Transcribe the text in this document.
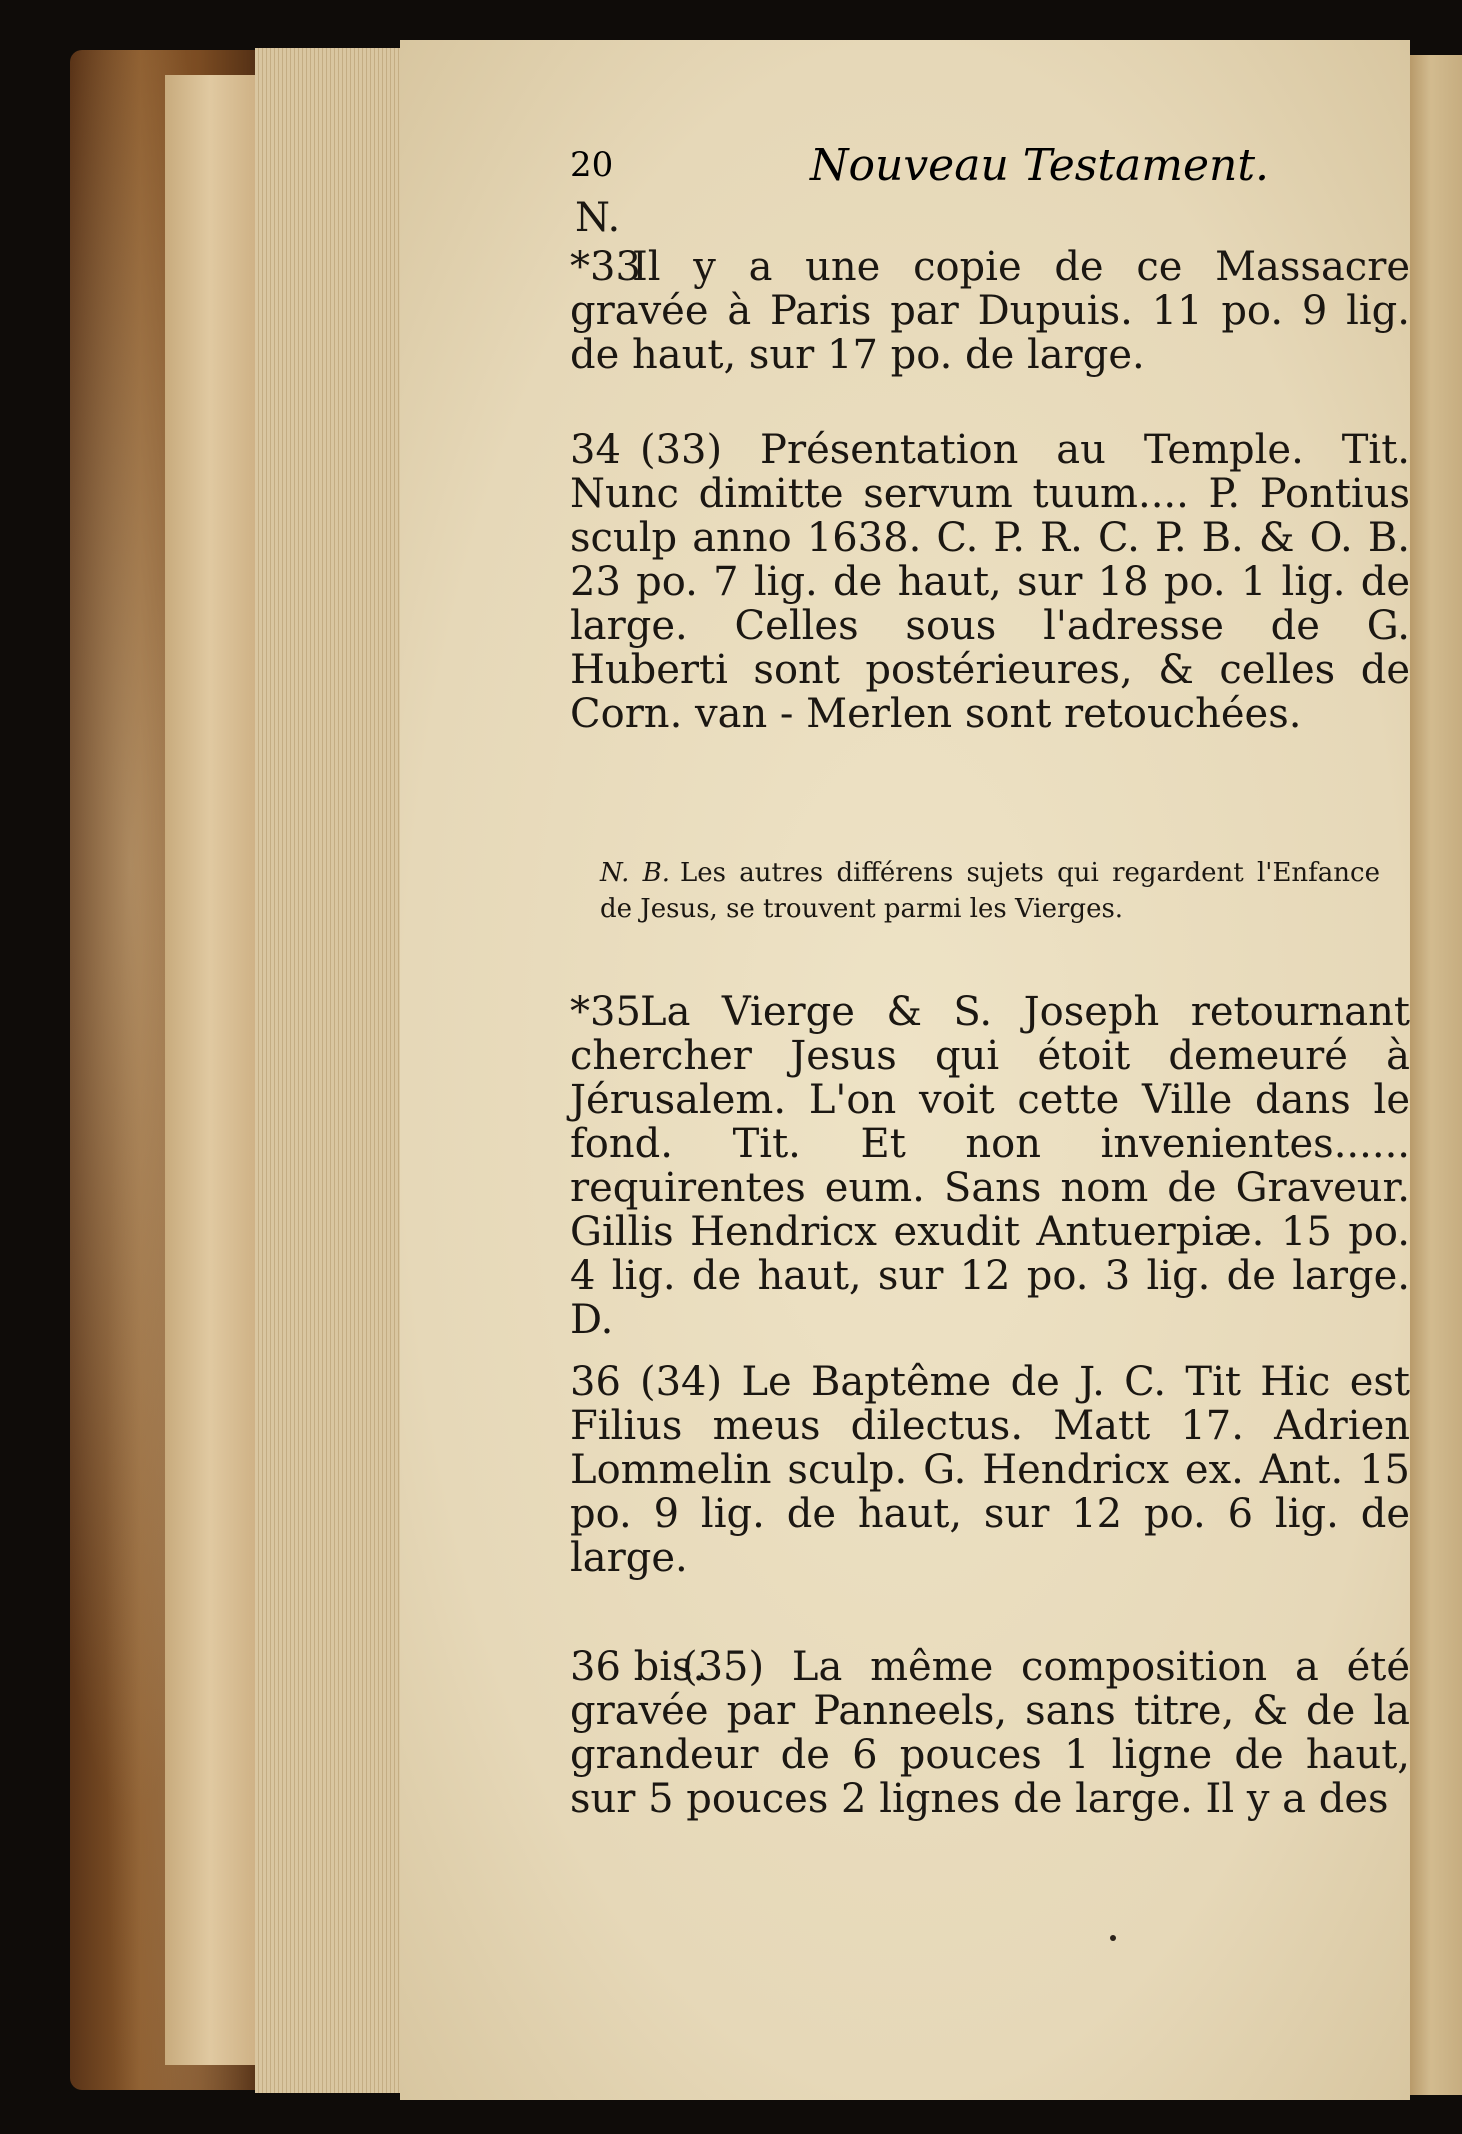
20	Nouveau Testament.
N.
*33
Il y a une copie de ce Massacre gravée à Paris par Dupuis. 11 po. 9 lig. de haut, sur 17 po. de large.
34 (33) Présentation au Temple. Tit. Nunc dimitte servum tuum.... P. Pontius sculp anno 1638. C. P. R. C. P. B. & O. B. 23 po. 7 lig. de haut, sur 18 po. 1 lig. de large. Celles sous l'adresse de G. Huberti sont postérieures, & celles de Corn. van - Merlen sont retouchées.
N. B. Les autres différens sujets qui regardent l'Enfance de Jesus, se trouvent parmi les Vierges.
*35 La Vierge & S. Joseph retournant chercher Jesus qui étoit demeuré à Jérusalem. L'on voit cette Ville dans le fond. Tit. Et non invenientes...... requirentes eum. Sans nom de Graveur. Gillis Hendricx exudit Antuerpiæ. 15 po. 4 lig. de haut, sur 12 po. 3 lig. de large. D.
36 (34) Le Baptême de J. C. Tit Hic est Filius meus dilectus. Matt 17. Adrien Lommelin sculp. G. Hendricx ex. Ant. 15 po. 9 lig. de haut, sur 12 po. 6 lig. de large.
36 bis.
(35) La même composition a été gravée par Panneels, sans titre, & de la grandeur de 6 pouces 1 ligne de haut, sur 5 pouces 2 lignes de large. Il y a des
